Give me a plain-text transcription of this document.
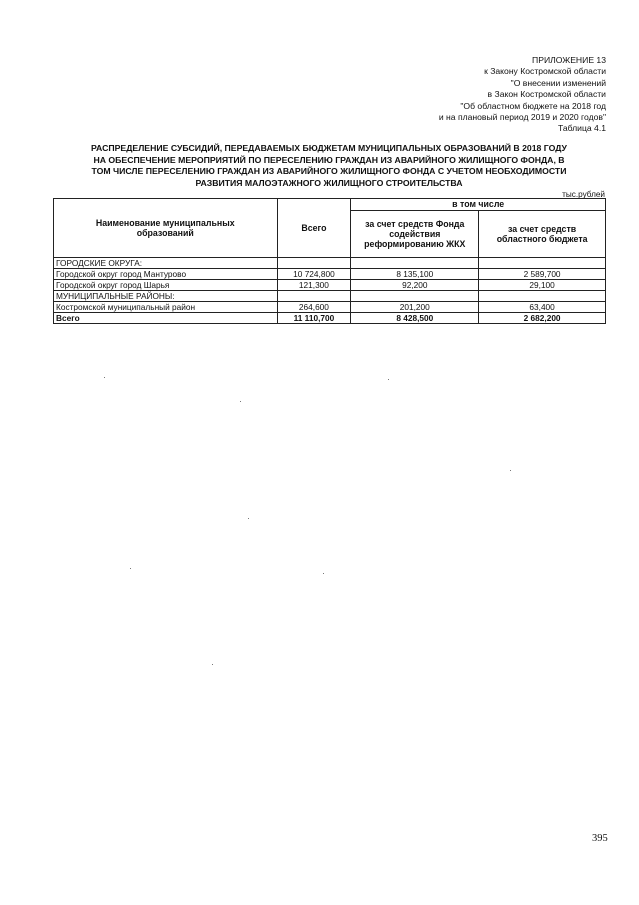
ПРИЛОЖЕНИЕ 13
к Закону Костромской области
"О внесении изменений
в Закон Костромской области
"Об областном бюджете на 2018 год
и на плановый период 2019 и 2020 годов"
Таблица 4.1
РАСПРЕДЕЛЕНИЕ СУБСИДИЙ, ПЕРЕДАВАЕМЫХ БЮДЖЕТАМ МУНИЦИПАЛЬНЫХ ОБРАЗОВАНИЙ В 2018 ГОДУ
НА ОБЕСПЕЧЕНИЕ МЕРОПРИЯТИЙ ПО ПЕРЕСЕЛЕНИЮ ГРАЖДАН ИЗ АВАРИЙНОГО ЖИЛИЩНОГО ФОНДА, В
ТОМ ЧИСЛЕ ПЕРЕСЕЛЕНИЮ ГРАЖДАН ИЗ АВАРИЙНОГО ЖИЛИЩНОГО ФОНДА С УЧЕТОМ НЕОБХОДИМОСТИ
РАЗВИТИЯ МАЛОЭТАЖНОГО ЖИЛИЩНОГО СТРОИТЕЛЬСТВА
тыс.рублей
Наименование муниципальных образований	Всего	в том числе	
		за счет средств Фонда содействия реформированию ЖКХ	за счет средств областного бюджета
ГОРОДСКИЕ ОКРУГА:			
Городской округ город Мантурово	10 724,800	8 135,100	2 589,700
Городской округ город Шарья	121,300	92,200	29,100
МУНИЦИПАЛЬНЫЕ РАЙОНЫ:			
Костромской муниципальный район	264,600	201,200	63,400
Всего	11 110,700	8 428,500	2 682,200
395
